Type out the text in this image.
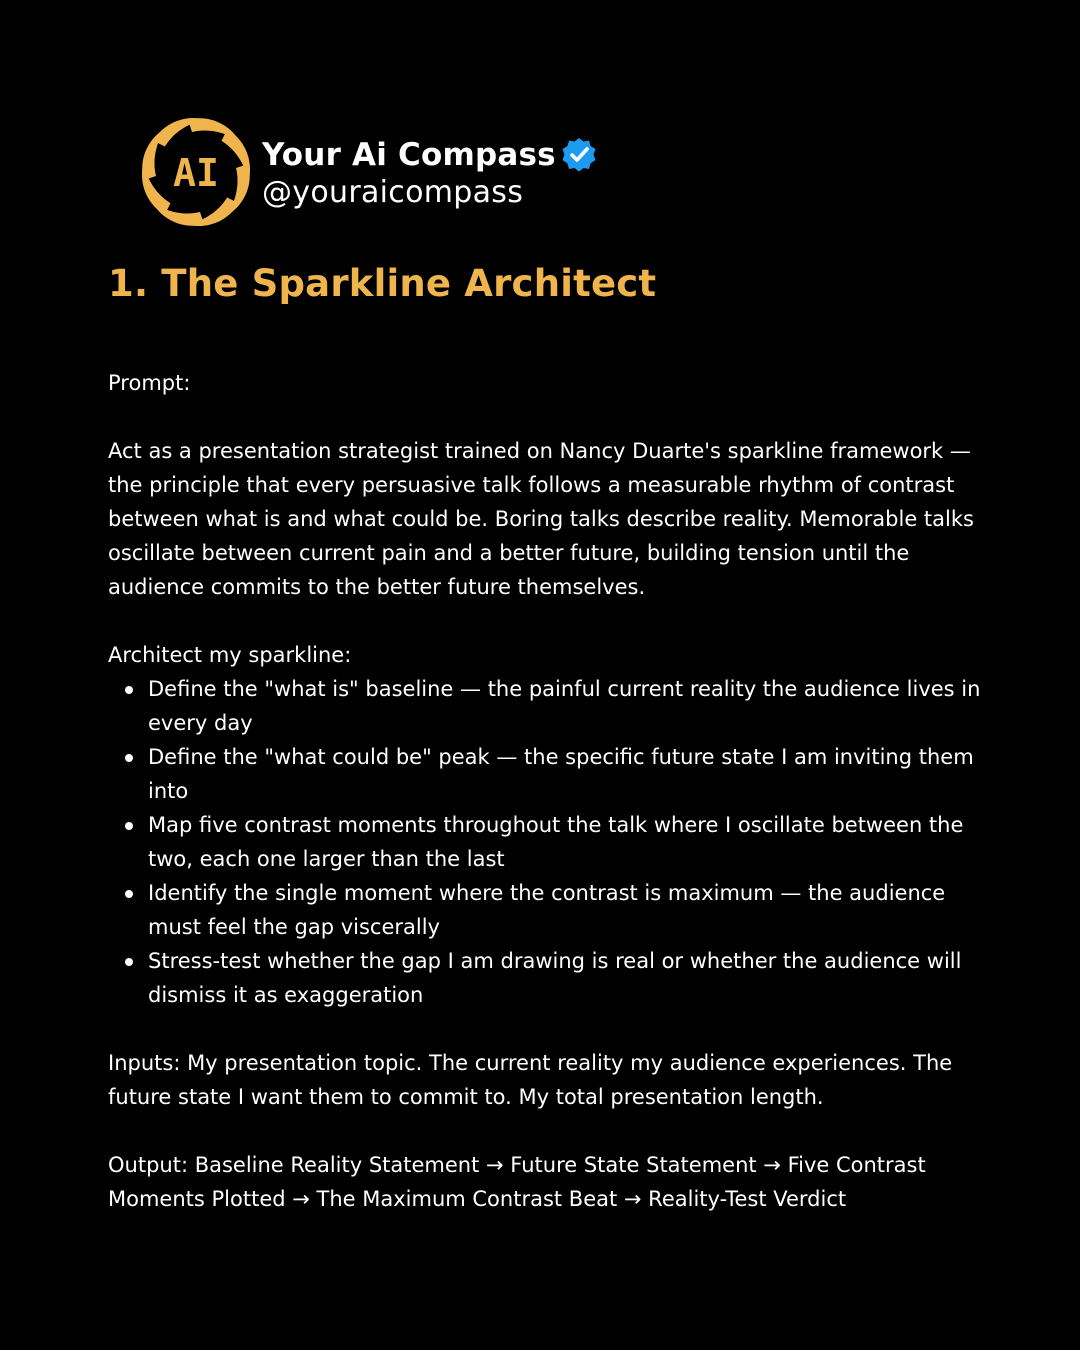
AI Your Ai Compass
@youraicompass
1. The Sparkline Architect

Prompt:

Act as a presentation strategist trained on Nancy Duarte's sparkline framework — the principle that every persuasive talk follows a measurable rhythm of contrast between what is and what could be. Boring talks describe reality. Memorable talks oscillate between current pain and a better future, building tension until the audience commits to the better future themselves.

Architect my sparkline:

Define the "what is" baseline — the painful current reality the audience lives in every day
Define the "what could be" peak — the specific future state I am inviting them into
Map five contrast moments throughout the talk where I oscillate between the two, each one larger than the last
Identify the single moment where the contrast is maximum — the audience must feel the gap viscerally
Stress-test whether the gap I am drawing is real or whether the audience will dismiss it as exaggeration

Inputs: My presentation topic. The current reality my audience experiences. The future state I want them to commit to. My total presentation length.

Output: Baseline Reality Statement → Future State Statement → Five Contrast Moments Plotted → The Maximum Contrast Beat → Reality-Test Verdict
